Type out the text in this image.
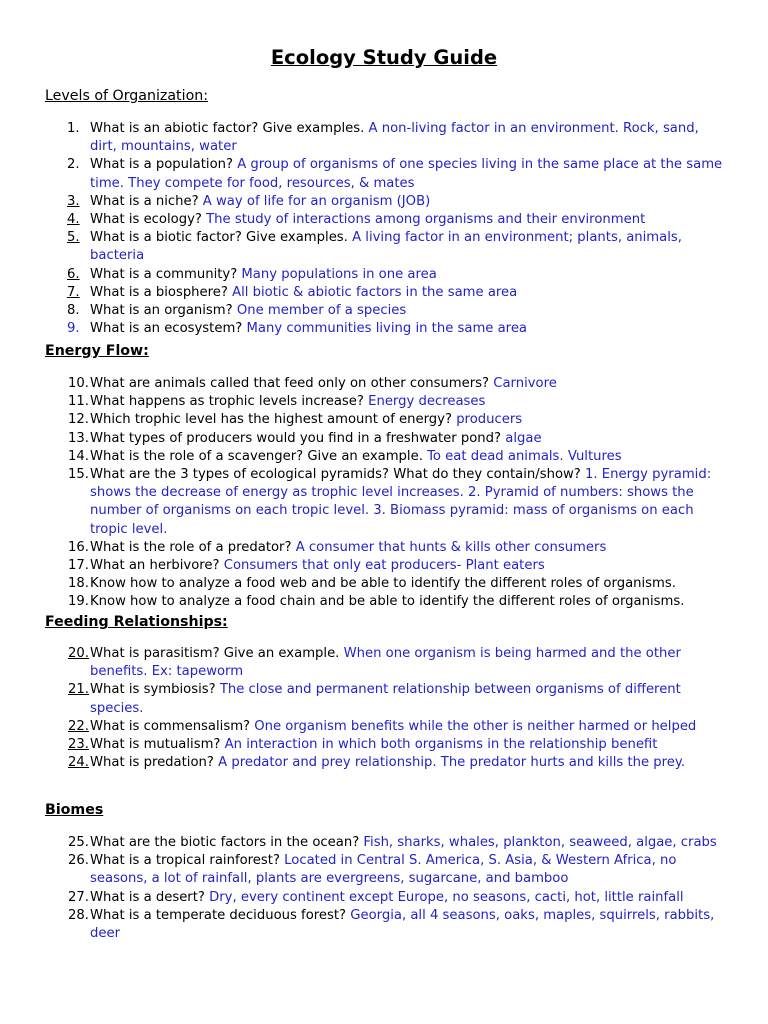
Ecology Study Guide
Levels of Organization:
1. What is an abiotic factor? Give examples. A non-living factor in an environment. Rock, sand, dirt, mountains, water
2. What is a population? A group of organisms of one species living in the same place at the same time. They compete for food, resources, & mates
3. What is a niche? A way of life for an organism (JOB)
4. What is ecology? The study of interactions among organisms and their environment
5. What is a biotic factor? Give examples. A living factor in an environment; plants, animals, bacteria
6. What is a community? Many populations in one area
7. What is a biosphere? All biotic & abiotic factors in the same area
8. What is an organism? One member of a species
9. What is an ecosystem? Many communities living in the same area
Energy Flow:
10. What are animals called that feed only on other consumers? Carnivore
11. What happens as trophic levels increase? Energy decreases
12. Which trophic level has the highest amount of energy? producers
13. What types of producers would you find in a freshwater pond? algae
14. What is the role of a scavenger? Give an example. To eat dead animals. Vultures
15. What are the 3 types of ecological pyramids? What do they contain/show? 1. Energy pyramid: shows the decrease of energy as trophic level increases. 2. Pyramid of numbers: shows the number of organisms on each tropic level. 3. Biomass pyramid: mass of organisms on each tropic level.
16. What is the role of a predator? A consumer that hunts & kills other consumers
17. What an herbivore? Consumers that only eat producers- Plant eaters
18. Know how to analyze a food web and be able to identify the different roles of organisms.
19. Know how to analyze a food chain and be able to identify the different roles of organisms.
Feeding Relationships:
20. What is parasitism? Give an example. When one organism is being harmed and the other benefits. Ex: tapeworm
21. What is symbiosis? The close and permanent relationship between organisms of different species.
22. What is commensalism? One organism benefits while the other is neither harmed or helped
23. What is mutualism? An interaction in which both organisms in the relationship benefit
24. What is predation? A predator and prey relationship. The predator hurts and kills the prey.
Biomes
25. What are the biotic factors in the ocean? Fish, sharks, whales, plankton, seaweed, algae, crabs
26. What is a tropical rainforest? Located in Central S. America, S. Asia, & Western Africa, no seasons, a lot of rainfall, plants are evergreens, sugarcane, and bamboo
27. What is a desert? Dry, every continent except Europe, no seasons, cacti, hot, little rainfall
28. What is a temperate deciduous forest? Georgia, all 4 seasons, oaks, maples, squirrels, rabbits, deer
